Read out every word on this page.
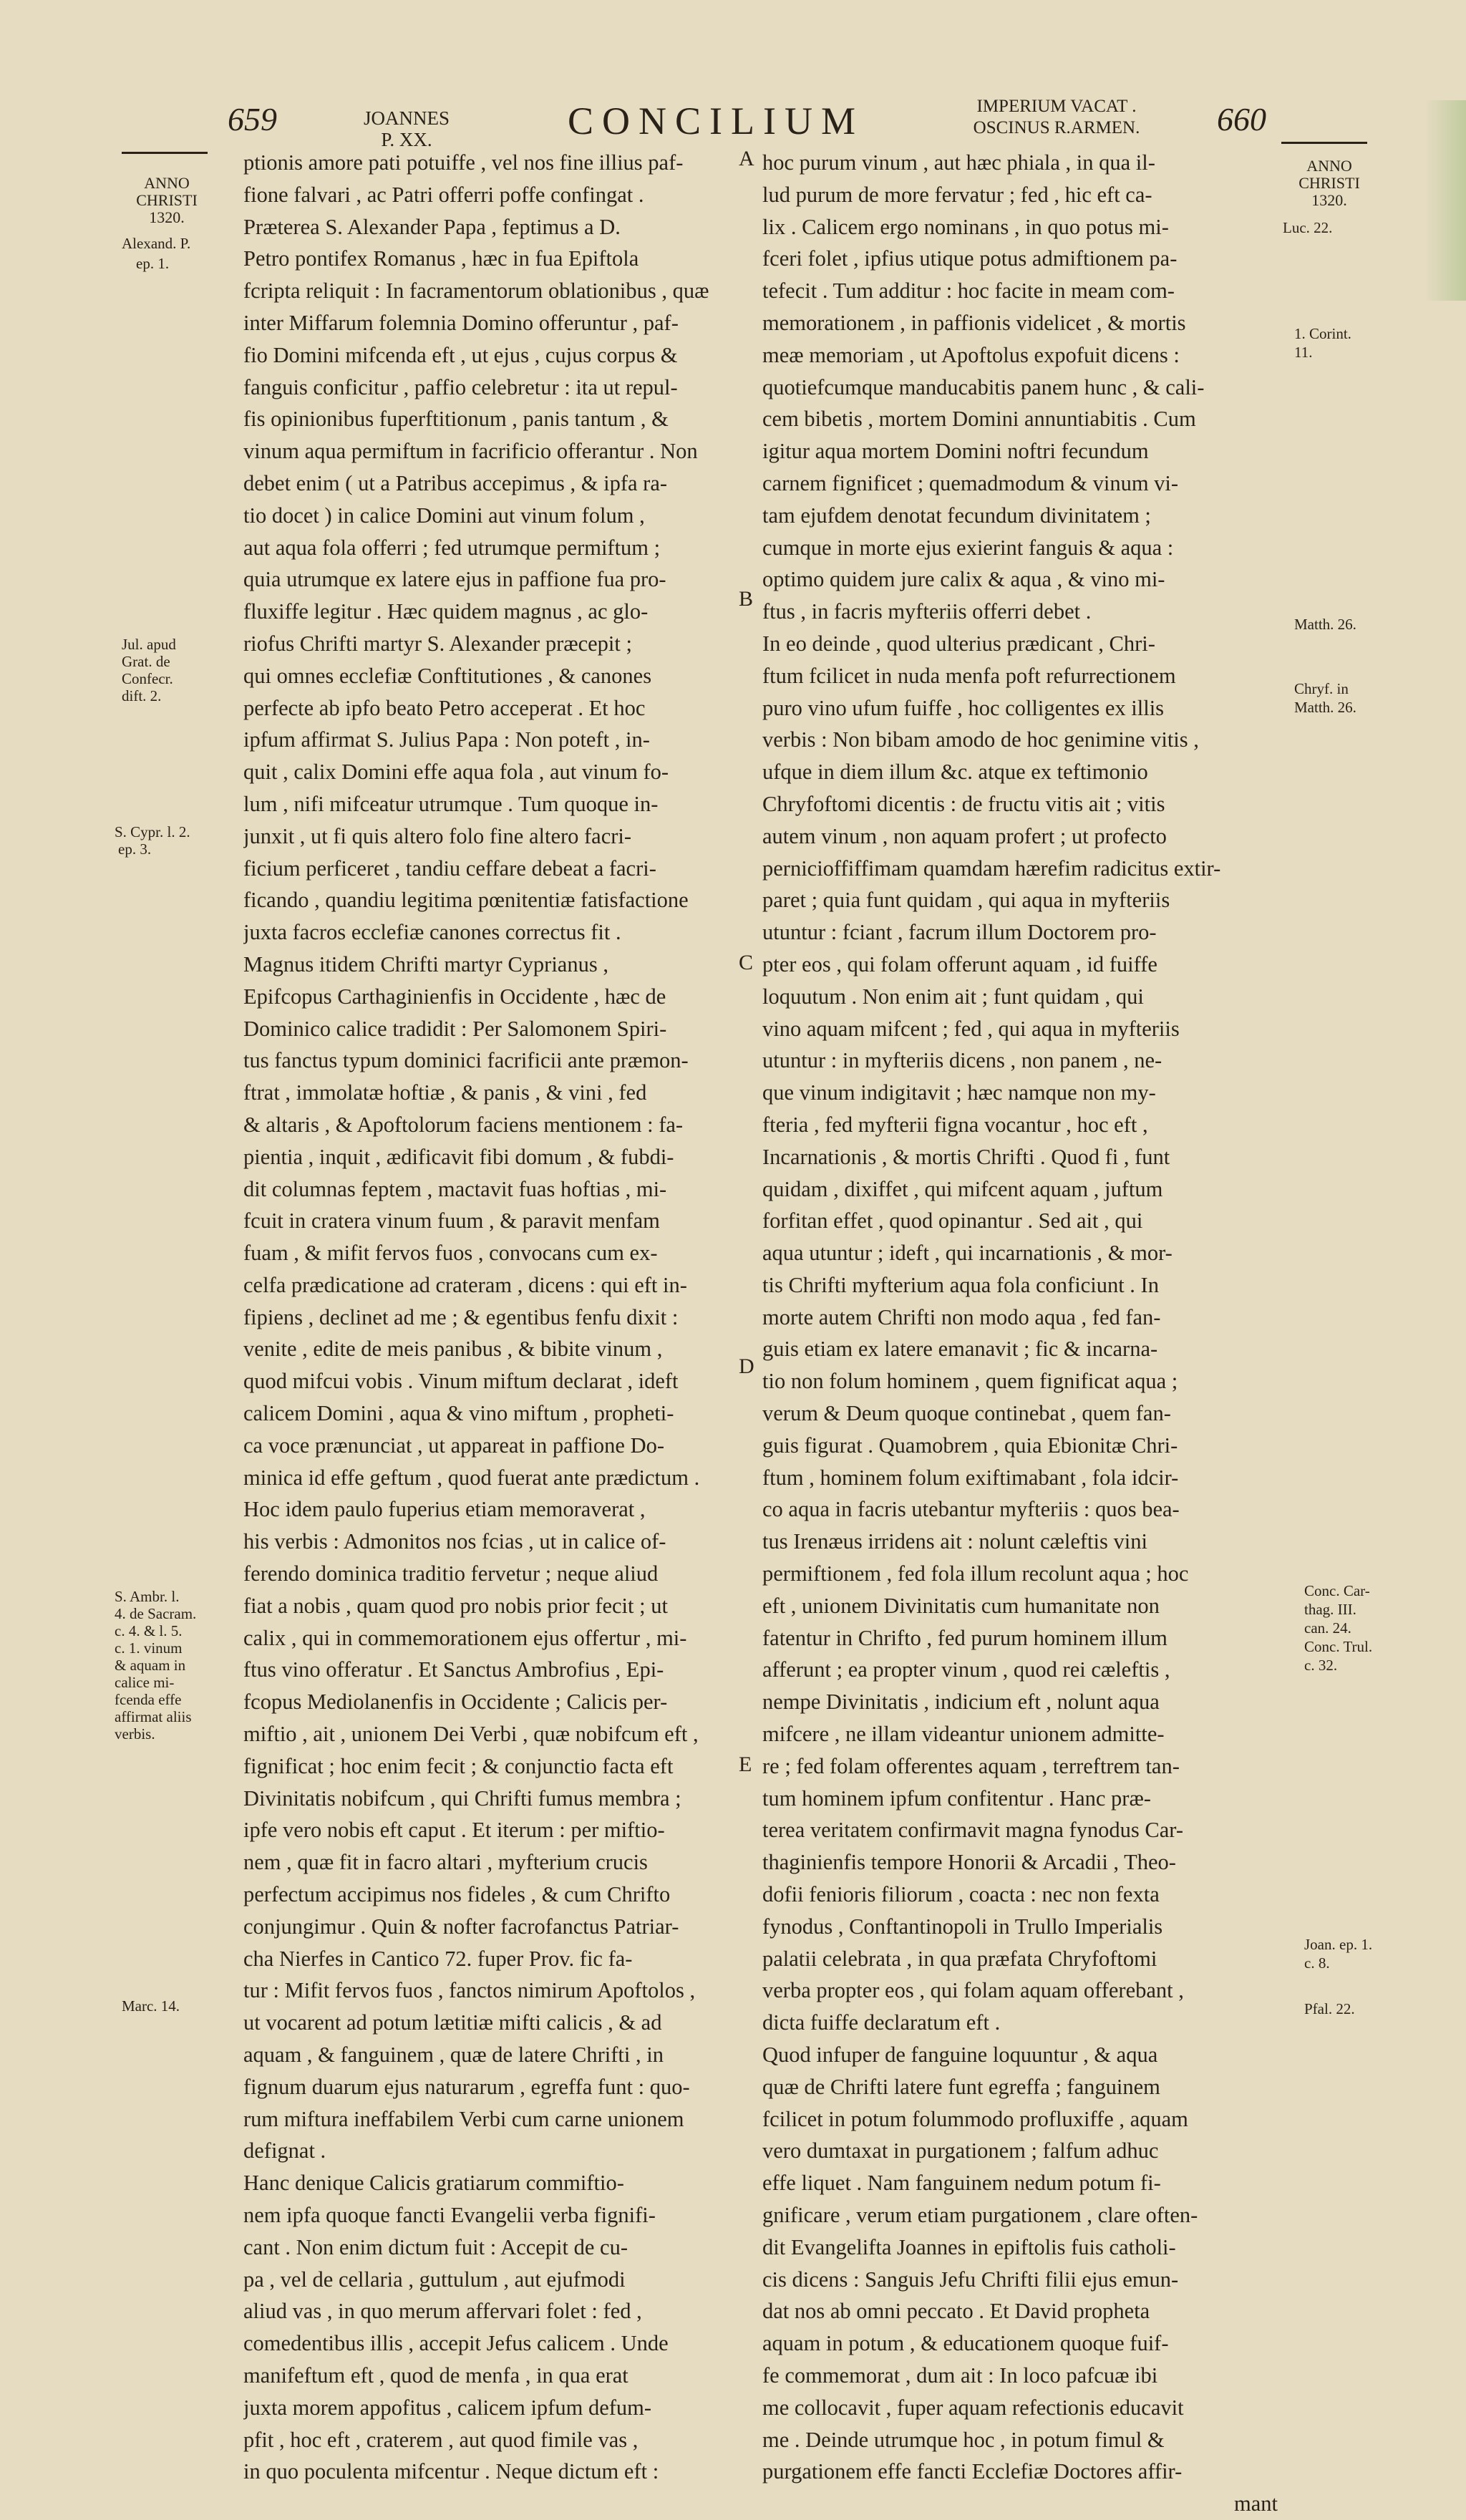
659	JOANNES
P. XX.	CONCILIUM	IMPERIUM VACAT .
OSCINUS R.ARMEN.	660
ANNO
CHRISTI
1320.
ANNO
CHRISTI
1320.
Alexand. P.
ep. 1.
Jul. apud
Grat. de
Confecr.
dift. 2.
S. Cypr. l. 2.
ep. 3.
S. Ambr. l.
4. de Sacram.
c. 4. & l. 5.
c. 1. vinum
& aquam in
calice mi-
fcenda effe
affirmat aliis
verbis.
Marc. 14.
Luc. 22.
1. Corint.
11.
Matth. 26.
Chryf. in
Matth. 26.
Conc. Car-
thag. III.
can. 24.
Conc. Trul.
c. 32.
Joan. ep. 1.
c. 8.
Pfal. 22.
A
B
C
D
E
ptionis amore pati potuiffe , vel nos fine illius paf-
fione falvari , ac Patri offerri poffe confingat .
Præterea S. Alexander Papa , feptimus a D.
Petro pontifex Romanus , hæc in fua Epiftola
fcripta reliquit : In facramentorum oblationibus , quæ
inter Miffarum folemnia Domino offeruntur , paf-
fio Domini mifcenda eft , ut ejus , cujus corpus &
fanguis conficitur , paffio celebretur : ita ut repul-
fis opinionibus fuperftitionum , panis tantum , &
vinum aqua permiftum in facrificio offerantur . Non
debet enim ( ut a Patribus accepimus , & ipfa ra-
tio docet ) in calice Domini aut vinum folum ,
aut aqua fola offerri ; fed utrumque permiftum ;
quia utrumque ex latere ejus in paffione fua pro-
fluxiffe legitur . Hæc quidem magnus , ac glo-
riofus Chrifti martyr S. Alexander præcepit ;
qui omnes ecclefiæ Conftitutiones , & canones
perfecte ab ipfo beato Petro acceperat . Et hoc
ipfum affirmat S. Julius Papa : Non poteft , in-
quit , calix Domini effe aqua fola , aut vinum fo-
lum , nifi mifceatur utrumque . Tum quoque in-
junxit , ut fi quis altero folo fine altero facri-
ficium perficeret , tandiu ceffare debeat a facri-
ficando , quandiu legitima pœnitentiæ fatisfactione
juxta facros ecclefiæ canones correctus fit .
Magnus itidem Chrifti martyr Cyprianus ,
Epifcopus Carthaginienfis in Occidente , hæc de
Dominico calice tradidit : Per Salomonem Spiri-
tus fanctus typum dominici facrificii ante præmon-
ftrat , immolatæ hoftiæ , & panis , & vini , fed
& altaris , & Apoftolorum faciens mentionem : fa-
pientia , inquit , ædificavit fibi domum , & fubdi-
dit columnas feptem , mactavit fuas hoftias , mi-
fcuit in cratera vinum fuum , & paravit menfam
fuam , & mifit fervos fuos , convocans cum ex-
celfa prædicatione ad crateram , dicens : qui eft in-
fipiens , declinet ad me ; & egentibus fenfu dixit :
venite , edite de meis panibus , & bibite vinum ,
quod mifcui vobis . Vinum miftum declarat , ideft
calicem Domini , aqua & vino miftum , propheti-
ca voce prænunciat , ut appareat in paffione Do-
minica id effe geftum , quod fuerat ante prædictum .
Hoc idem paulo fuperius etiam memoraverat ,
his verbis : Admonitos nos fcias , ut in calice of-
ferendo dominica traditio fervetur ; neque aliud
fiat a nobis , quam quod pro nobis prior fecit ; ut
calix , qui in commemorationem ejus offertur , mi-
ftus vino offeratur . Et Sanctus Ambrofius , Epi-
fcopus Mediolanenfis in Occidente ; Calicis per-
miftio , ait , unionem Dei Verbi , quæ nobifcum eft ,
fignificat ; hoc enim fecit ; & conjunctio facta eft
Divinitatis nobifcum , qui Chrifti fumus membra ;
ipfe vero nobis eft caput . Et iterum : per miftio-
nem , quæ fit in facro altari , myfterium crucis
perfectum accipimus nos fideles , & cum Chrifto
conjungimur . Quin & nofter facrofanctus Patriar-
cha Nierfes in Cantico 72. fuper Prov. fic fa-
tur : Mifit fervos fuos , fanctos nimirum Apoftolos ,
ut vocarent ad potum lætitiæ mifti calicis , & ad
aquam , & fanguinem , quæ de latere Chrifti , in
fignum duarum ejus naturarum , egreffa funt : quo-
rum miftura ineffabilem Verbi cum carne unionem
defignat .
Hanc denique Calicis gratiarum commiftio-
nem ipfa quoque fancti Evangelii verba fignifi-
cant . Non enim dictum fuit : Accepit de cu-
pa , vel de cellaria , guttulum , aut ejufmodi
aliud vas , in quo merum affervari folet : fed ,
comedentibus illis , accepit Jefus calicem . Unde
manifeftum eft , quod de menfa , in qua erat
juxta morem appofitus , calicem ipfum defum-
pfit , hoc eft , craterem , aut quod fimile vas ,
in quo poculenta mifcentur . Neque dictum eft :
hoc purum vinum , aut hæc phiala , in qua il-
lud purum de more fervatur ; fed , hic eft ca-
lix . Calicem ergo nominans , in quo potus mi-
fceri folet , ipfius utique potus admiftionem pa-
tefecit . Tum additur : hoc facite in meam com-
memorationem , in paffionis videlicet , & mortis
meæ memoriam , ut Apoftolus expofuit dicens :
quotiefcumque manducabitis panem hunc , & cali-
cem bibetis , mortem Domini annuntiabitis . Cum
igitur aqua mortem Domini noftri fecundum
carnem fignificet ; quemadmodum & vinum vi-
tam ejufdem denotat fecundum divinitatem ;
cumque in morte ejus exierint fanguis & aqua :
optimo quidem jure calix & aqua , & vino mi-
ftus , in facris myfteriis offerri debet .
In eo deinde , quod ulterius prædicant , Chri-
ftum fcilicet in nuda menfa poft refurrectionem
puro vino ufum fuiffe , hoc colligentes ex illis
verbis : Non bibam amodo de hoc genimine vitis ,
ufque in diem illum &c. atque ex teftimonio
Chryfoftomi dicentis : de fructu vitis ait ; vitis
autem vinum , non aquam profert ; ut profecto
pernicioffiffimam quamdam hærefim radicitus extir-
paret ; quia funt quidam , qui aqua in myfteriis
utuntur : fciant , facrum illum Doctorem pro-
pter eos , qui folam offerunt aquam , id fuiffe
loquutum . Non enim ait ; funt quidam , qui
vino aquam mifcent ; fed , qui aqua in myfteriis
utuntur : in myfteriis dicens , non panem , ne-
que vinum indigitavit ; hæc namque non my-
fteria , fed myfterii figna vocantur , hoc eft ,
Incarnationis , & mortis Chrifti . Quod fi , funt
quidam , dixiffet , qui mifcent aquam , juftum
forfitan effet , quod opinantur . Sed ait , qui
aqua utuntur ; ideft , qui incarnationis , & mor-
tis Chrifti myfterium aqua fola conficiunt . In
morte autem Chrifti non modo aqua , fed fan-
guis etiam ex latere emanavit ; fic & incarna-
tio non folum hominem , quem fignificat aqua ;
verum & Deum quoque continebat , quem fan-
guis figurat . Quamobrem , quia Ebionitæ Chri-
ftum , hominem folum exiftimabant , fola idcir-
co aqua in facris utebantur myfteriis : quos bea-
tus Irenæus irridens ait : nolunt cæleftis vini
permiftionem , fed fola illum recolunt aqua ; hoc
eft , unionem Divinitatis cum humanitate non
fatentur in Chrifto , fed purum hominem illum
afferunt ; ea propter vinum , quod rei cæleftis ,
nempe Divinitatis , indicium eft , nolunt aqua
mifcere , ne illam videantur unionem admitte-
re ; fed folam offerentes aquam , terreftrem tan-
tum hominem ipfum confitentur . Hanc præ-
terea veritatem confirmavit magna fynodus Car-
thaginienfis tempore Honorii & Arcadii , Theo-
dofii fenioris filiorum , coacta : nec non fexta
fynodus , Conftantinopoli in Trullo Imperialis
palatii celebrata , in qua præfata Chryfoftomi
verba propter eos , qui folam aquam offerebant ,
dicta fuiffe declaratum eft .
Quod infuper de fanguine loquuntur , & aqua
quæ de Chrifti latere funt egreffa ; fanguinem
fcilicet in potum folummodo profluxiffe , aquam
vero dumtaxat in purgationem ; falfum adhuc
effe liquet . Nam fanguinem nedum potum fi-
gnificare , verum etiam purgationem , clare often-
dit Evangelifta Joannes in epiftolis fuis catholi-
cis dicens : Sanguis Jefu Chrifti filii ejus emun-
dat nos ab omni peccato . Et David propheta
aquam in potum , & educationem quoque fuif-
fe commemorat , dum ait : In loco pafcuæ ibi
me collocavit , fuper aquam refectionis educavit
me . Deinde utrumque hoc , in potum fimul &
purgationem effe fancti Ecclefiæ Doctores affir-
mant
